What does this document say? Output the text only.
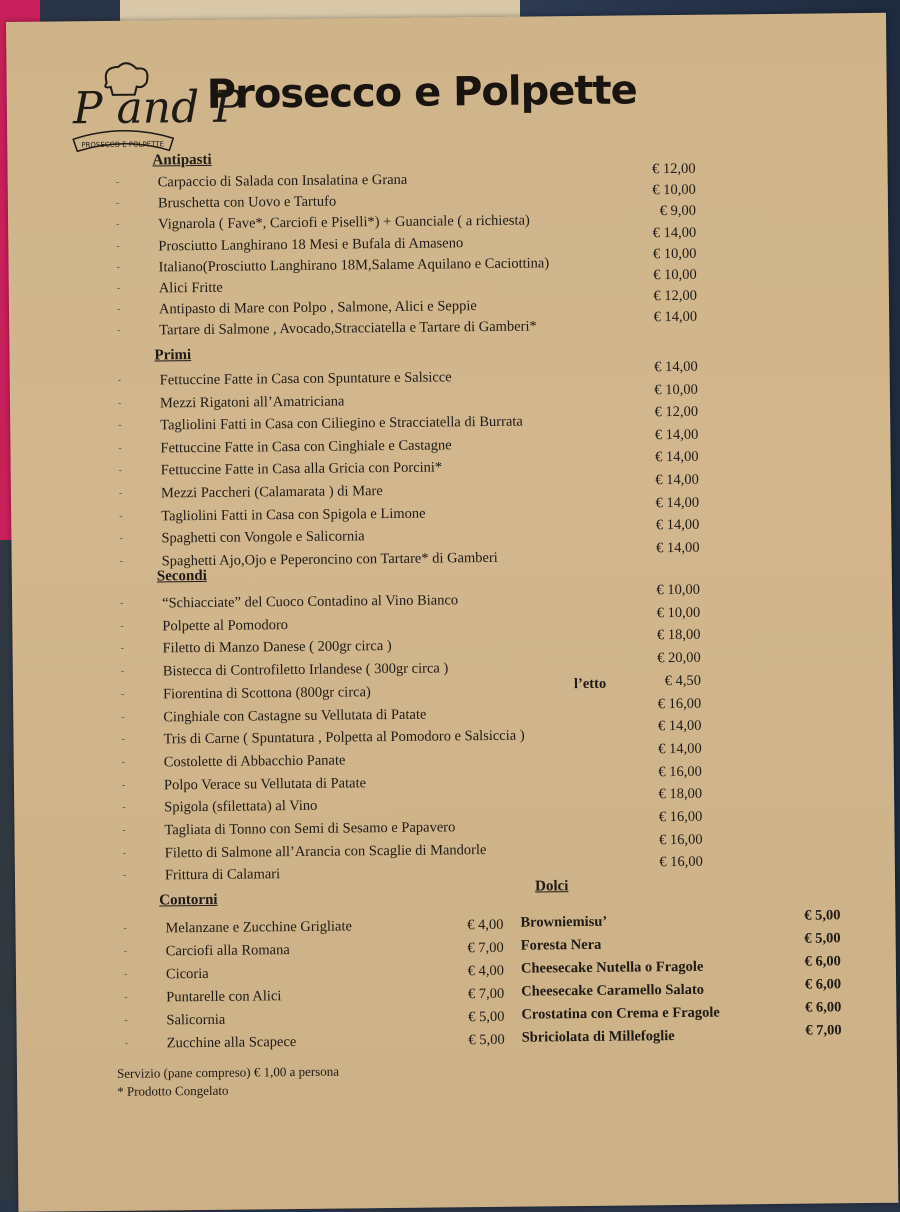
P and P
PROSECCO E POLPETTE
Prosecco e Polpette
Antipasti
-	Carpaccio di Salada con Insalatina e Grana
€ 12,00
-	Bruschetta con Uovo e Tartufo
€ 10,00
-	Vignarola ( Fave*, Carciofi e Piselli*) + Guanciale ( a richiesta)
€ 9,00
-	Prosciutto Langhirano 18 Mesi e Bufala di Amaseno
€ 14,00
-	Italiano(Prosciutto Langhirano 18M,Salame Aquilano e Caciottina)
€ 10,00
-	Alici Fritte
€ 10,00
-	Antipasto di Mare con Polpo , Salmone, Alici e Seppie
€ 12,00
-	Tartare di Salmone , Avocado,Stracciatella e Tartare di Gamberi*
€ 14,00
Primi
-	Fettuccine Fatte in Casa con Spuntature e Salsicce
€ 14,00
-	Mezzi Rigatoni all’Amatriciana
€ 10,00
-	Tagliolini Fatti in Casa con Ciliegino e Stracciatella di Burrata
€ 12,00
-	Fettuccine Fatte in Casa con Cinghiale e Castagne
€ 14,00
-	Fettuccine Fatte in Casa alla Gricia con Porcini*
€ 14,00
-	Mezzi Paccheri (Calamarata ) di Mare
€ 14,00
-	Tagliolini Fatti in Casa con Spigola e Limone
€ 14,00
-	Spaghetti con Vongole e Salicornia
€ 14,00
-	Spaghetti Ajo,Ojo e Peperoncino con Tartare* di Gamberi
€ 14,00
Secondi
-	“Schiacciate” del Cuoco Contadino al Vino Bianco
€ 10,00
-	Polpette al Pomodoro
€ 10,00
-	Filetto di Manzo Danese ( 200gr circa )
€ 18,00
-	Bistecca di Controfiletto Irlandese ( 300gr circa )
€ 20,00
-	Fiorentina di Scottona (800gr circa)
l’etto	€ 4,50
-	Cinghiale con Castagne su Vellutata di Patate
€ 16,00
-	Tris di Carne ( Spuntatura , Polpetta al Pomodoro e Salsiccia )
€ 14,00
-	Costolette di Abbacchio Panate
€ 14,00
-	Polpo Verace su Vellutata di Patate
€ 16,00
-	Spigola (sfilettata) al Vino
€ 18,00
-	Tagliata di Tonno con Semi di Sesamo e Papavero
€ 16,00
-	Filetto di Salmone all’Arancia con Scaglie di Mandorle
€ 16,00
-	Frittura di Calamari
€ 16,00
Contorni
-	Melanzane e Zucchine Grigliate	€ 4,00
-	Carciofi alla Romana	€ 7,00
-	Cicoria	€ 4,00
-	Puntarelle con Alici	€ 7,00
-	Salicornia	€ 5,00
-	Zucchine alla Scapece	€ 5,00
Dolci
Browniemisu’	€ 5,00
Foresta Nera	€ 5,00
Cheesecake Nutella o Fragole	€ 6,00
Cheesecake Caramello Salato	€ 6,00
Crostatina con Crema e Fragole	€ 6,00
Sbriciolata di Millefoglie	€ 7,00
Servizio (pane compreso) € 1,00 a persona
* Prodotto Congelato
